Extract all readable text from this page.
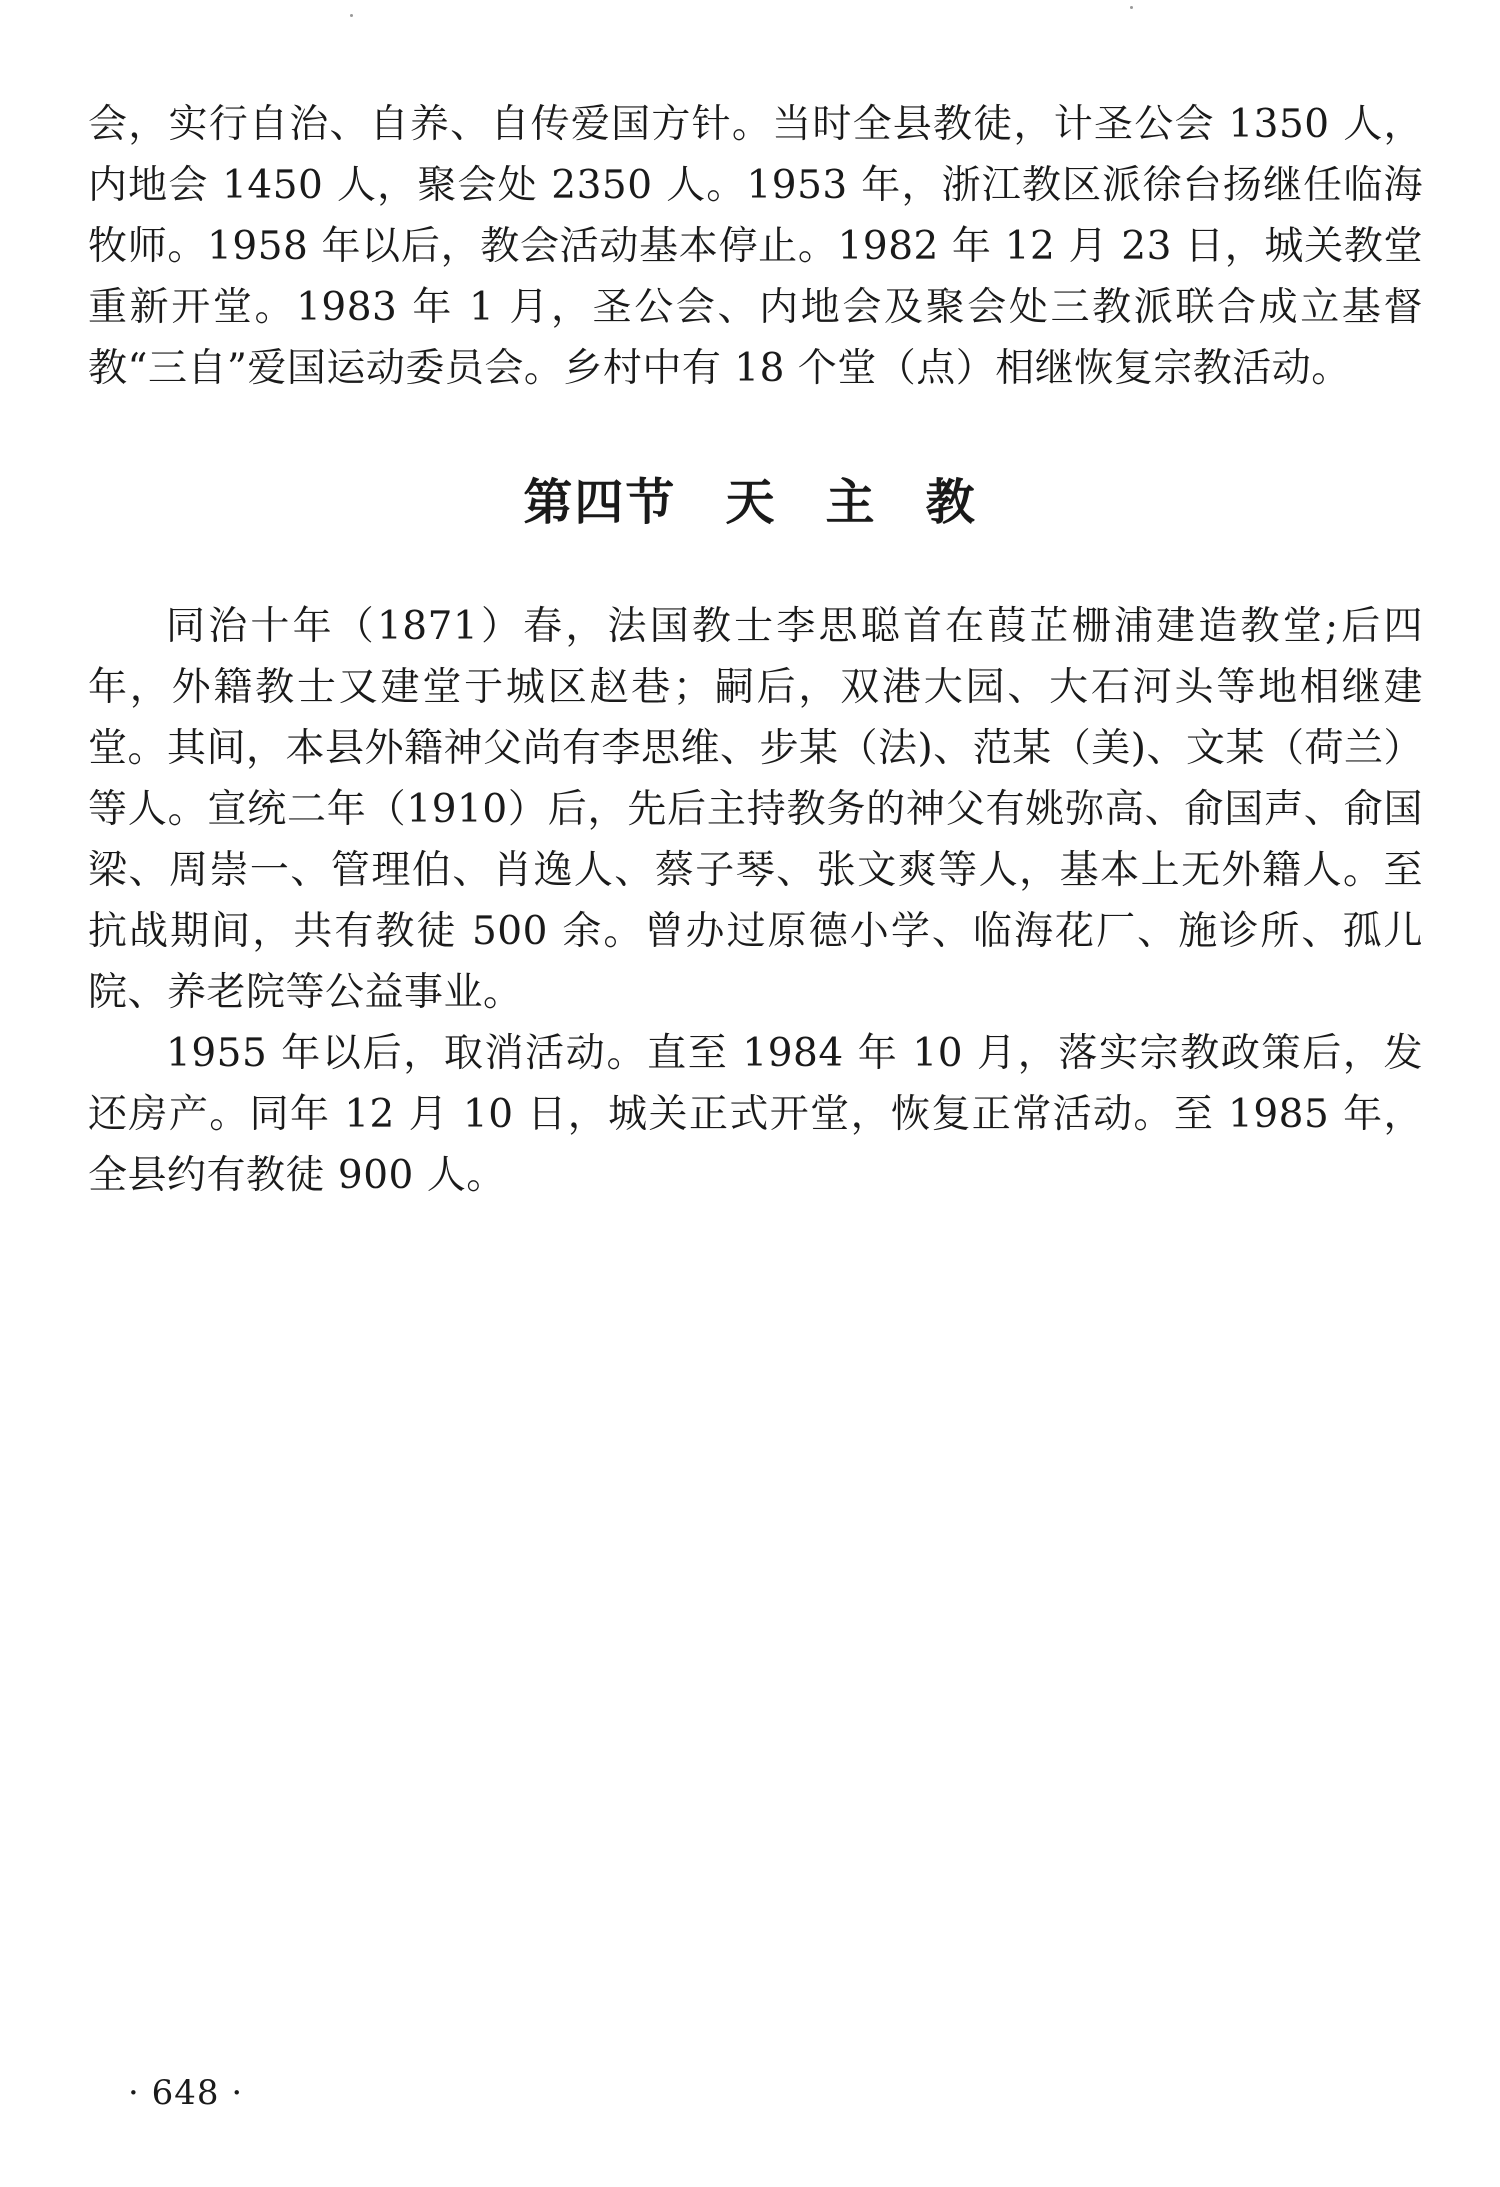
会，实行自治、自养、自传爱国方针。当时全县教徒，计圣公会 1350 人，内地会 1450 人，聚会处 2350 人。1953 年，浙江教区派徐台扬继任临海牧师。1958 年以后，教会活动基本停止。1982 年 12 月 23 日，城关教堂重新开堂。1983 年 1 月，圣公会、内地会及聚会处三教派联合成立基督教“三自”爱国运动委员会。乡村中有 18 个堂（点）相继恢复宗教活动。

第四节 天 主 教

同治十年（1871）春，法国教士李思聪首在葭芷栅浦建造教堂;后四年，外籍教士又建堂于城区赵巷；嗣后，双港大园、大石河头等地相继建堂。其间，本县外籍神父尚有李思维、步某（法)、范某（美)、文某（荷兰）等人。宣统二年（1910）后，先后主持教务的神父有姚弥高、俞国声、俞国梁、周崇一、管理伯、肖逸人、蔡子琴、张文爽等人，基本上无外籍人。至抗战期间，共有教徒 500 余。曾办过原德小学、临海花厂、施诊所、孤儿院、养老院等公益事业。

1955 年以后，取消活动。直至 1984 年 10 月，落实宗教政策后，发还房产。同年 12 月 10 日，城关正式开堂，恢复正常活动。至 1985 年，全县约有教徒 900 人。

· 648 ·
